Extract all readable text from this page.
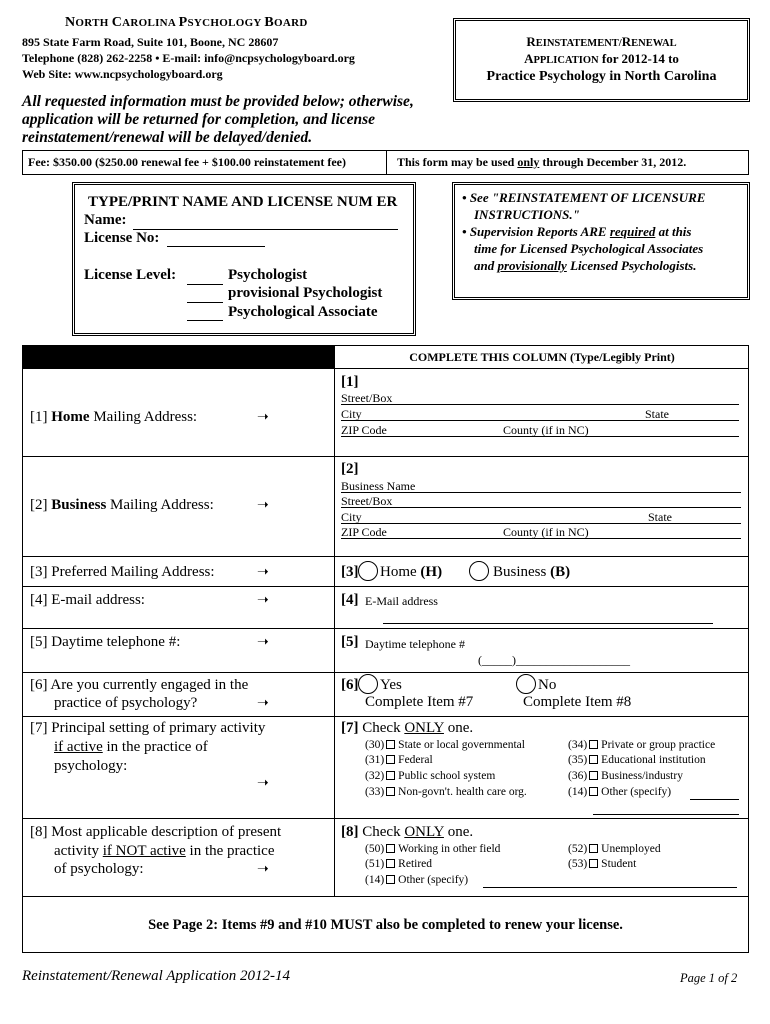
NORTH CAROLINA PSYCHOLOGY BOARD
895 State Farm Road, Suite 101, Boone, NC 28607
Telephone (828) 262-2258 • E-mail: info@ncpsychologyboard.org
Web Site: www.ncpsychologyboard.org
REINSTATEMENT/RENEWAL
APPLICATION for 2012-14 to
Practice Psychology in North Carolina
All requested information must be provided below; otherwise,
application will be returned for completion, and license
reinstatement/renewal will be delayed/denied.
Fee: $350.00 ($250.00 renewal fee + $100.00 reinstatement fee)	This form may be used only through December 31, 2012.
TYPE/PRINT NAME AND LICENSE NUM ER
Name:
License No:
License Level:	Psychologist
provisional Psychologist
Psychological Associate
• See "REINSTATEMENT OF LICENSURE
INSTRUCTIONS."
• Supervision Reports ARE required at this
time for Licensed Psychological Associates
and provisionally Licensed Psychologists.
COMPLETE THIS COLUMN (Type/Legibly Print)
[1] Home Mailing Address:	➝
[1]
Street/Box
City	State
ZIP Code	County (if in NC)
[2] Business Mailing Address:	➝
[2]
Business Name
Street/Box
City	State
ZIP Code	County (if in NC)
[3] Preferred Mailing Address:	➝	[3] Home (H)	Business (B)
[4] E-mail address:	➝	[4] E-Mail address
[5] Daytime telephone #:	➝	[5] Daytime telephone #
(_____)___________________
[6] Are you currently engaged in the
practice of psychology?	➝
[6] Yes	No
Complete Item #7	Complete Item #8
[7] Principal setting of primary activity
if active in the practice of
psychology:
➝
[7] Check ONLY one.
(30) State or local governmental
(31) Federal
(32) Public school system
(33) Non-govn't. health care org.
(34) Private or group practice
(35) Educational institution
(36) Business/industry
(14) Other (specify)
[8] Most applicable description of present
activity if NOT active in the practice
of psychology:	➝
[8] Check ONLY one.
(50) Working in other field
(51) Retired
(14) Other (specify)
(52) Unemployed
(53) Student
See Page 2: Items #9 and #10 MUST also be completed to renew your license.
Reinstatement/Renewal Application 2012-14	Page 1 of 2
